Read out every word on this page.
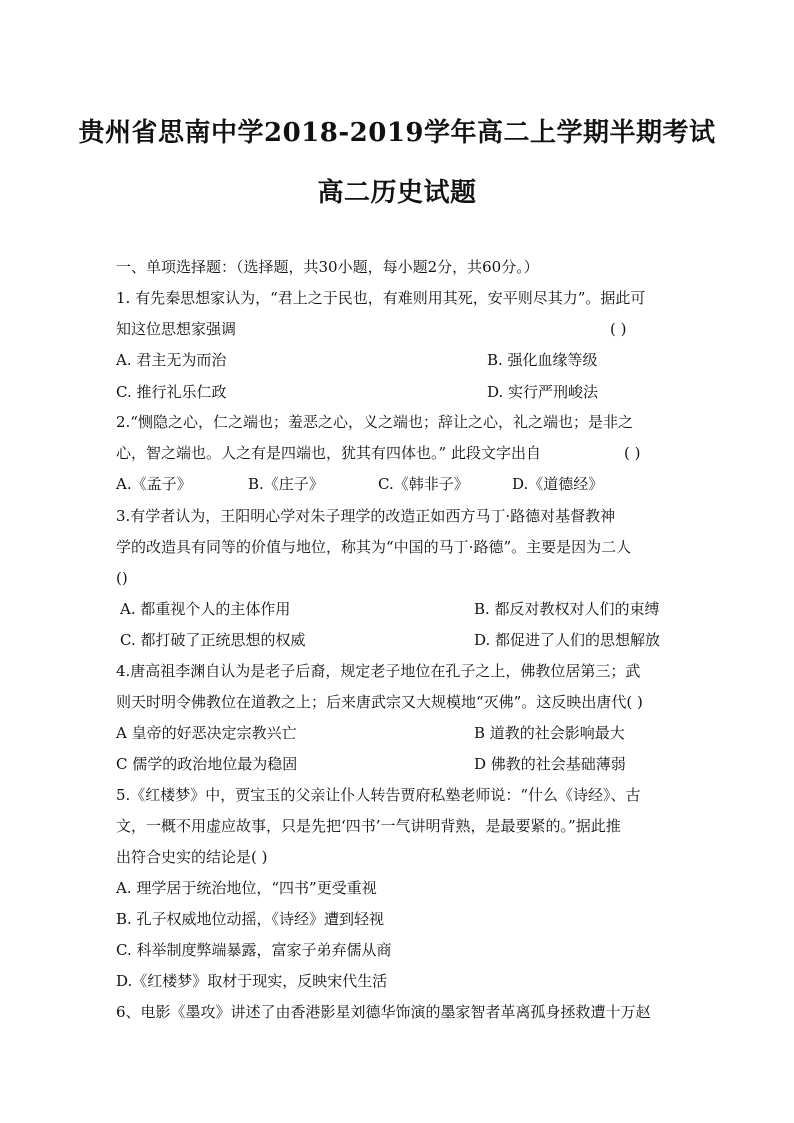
贵州省思南中学2018-2019学年高二上学期半期考试
高二历史试题
一、单项选择题：（选择题，共30小题，每小题2分，共60分。）
1. 有先秦思想家认为，“君上之于民也，有难则用其死，安平则尽其力”。据此可
知这位思想家强调	( )
A. 君主无为而治	B. 强化血缘等级
C. 推行礼乐仁政	D. 实行严刑峻法
2.“恻隐之心，仁之端也；羞恶之心，义之端也；辞让之心，礼之端也；是非之
心，智之端也。人之有是四端也，犹其有四体也。” 此段文字出自	( )
A.《孟子》	B.《庄子》	C.《韩非子》	D.《道德经》
3.有学者认为，王阳明心学对朱子理学的改造正如西方马丁·路德对基督教神
学的改造具有同等的价值与地位，称其为“中国的马丁·路德”。主要是因为二人
()
A. 都重视个人的主体作用	B. 都反对教权对人们的束缚
C. 都打破了正统思想的权威	D. 都促进了人们的思想解放
4.唐高祖李渊自认为是老子后裔，规定老子地位在孔子之上，佛教位居第三；武
则天时明令佛教位在道教之上；后来唐武宗又大规模地“灭佛”。这反映出唐代( )
A 皇帝的好恶决定宗教兴亡	B 道教的社会影响最大
C 儒学的政治地位最为稳固	D 佛教的社会基础薄弱
5.《红楼梦》中，贾宝玉的父亲让仆人转告贾府私塾老师说：“什么《诗经》、古
文，一概不用虚应故事，只是先把‘四书’一气讲明背熟，是最要紧的。”据此推
出符合史实的结论是( )
A. 理学居于统治地位，“四书”更受重视
B. 孔子权威地位动摇，《诗经》遭到轻视
C. 科举制度弊端暴露，富家子弟弃儒从商
D.《红楼梦》取材于现实，反映宋代生活
6、电影《墨攻》讲述了由香港影星刘德华饰演的墨家智者革离孤身拯救遭十万赵
